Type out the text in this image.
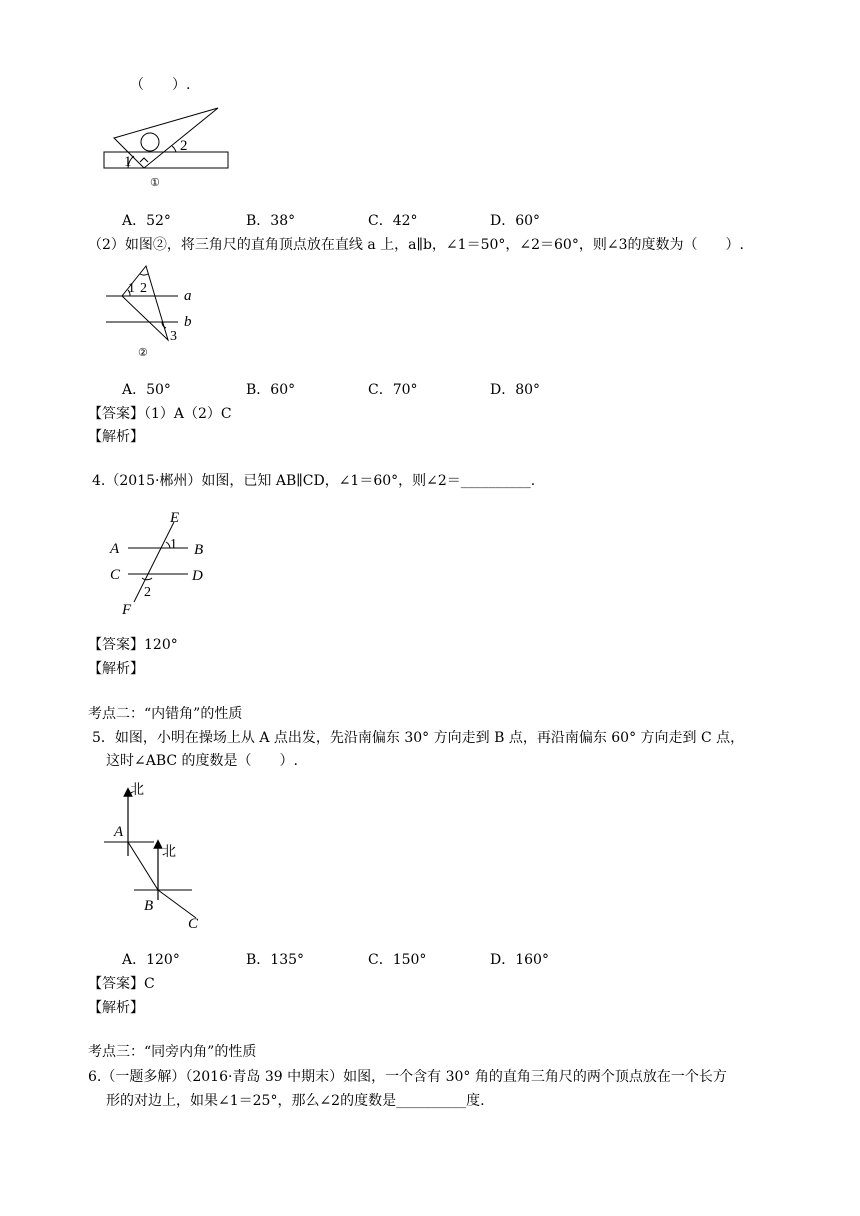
（　　）.
1
2
①
A．52°	B．38°	C．42°	D．60°
（2）如图②，将三角尺的直角顶点放在直线 a 上，a∥b，∠1＝50°，∠2＝60°，则∠3的度数为（　　）.
1 2
3
a
b
②
A．50°	B．60°	C．70°	D．80°
【答案】（1）A（2）C
【解析】
4.（2015·郴州）如图，已知 AB∥CD，∠1＝60°，则∠2＝__________.
E
A	B
C	D
F
1
2
【答案】120°
【解析】
考点二：“内错角”的性质
5．如图，小明在操场上从 A 点出发，先沿南偏东 30° 方向走到 B 点，再沿南偏东 60° 方向走到 C 点，
这时∠ABC 的度数是（　　）.
北
北
A
B
C
A．120°	B．135°	C．150°	D．160°
【答案】C
【解析】
考点三：“同旁内角”的性质
6.（一题多解）（2016·青岛 39 中期末）如图，一个含有 30° 角的直角三角尺的两个顶点放在一个长方
形的对边上，如果∠1＝25°，那么∠2的度数是__________度.
